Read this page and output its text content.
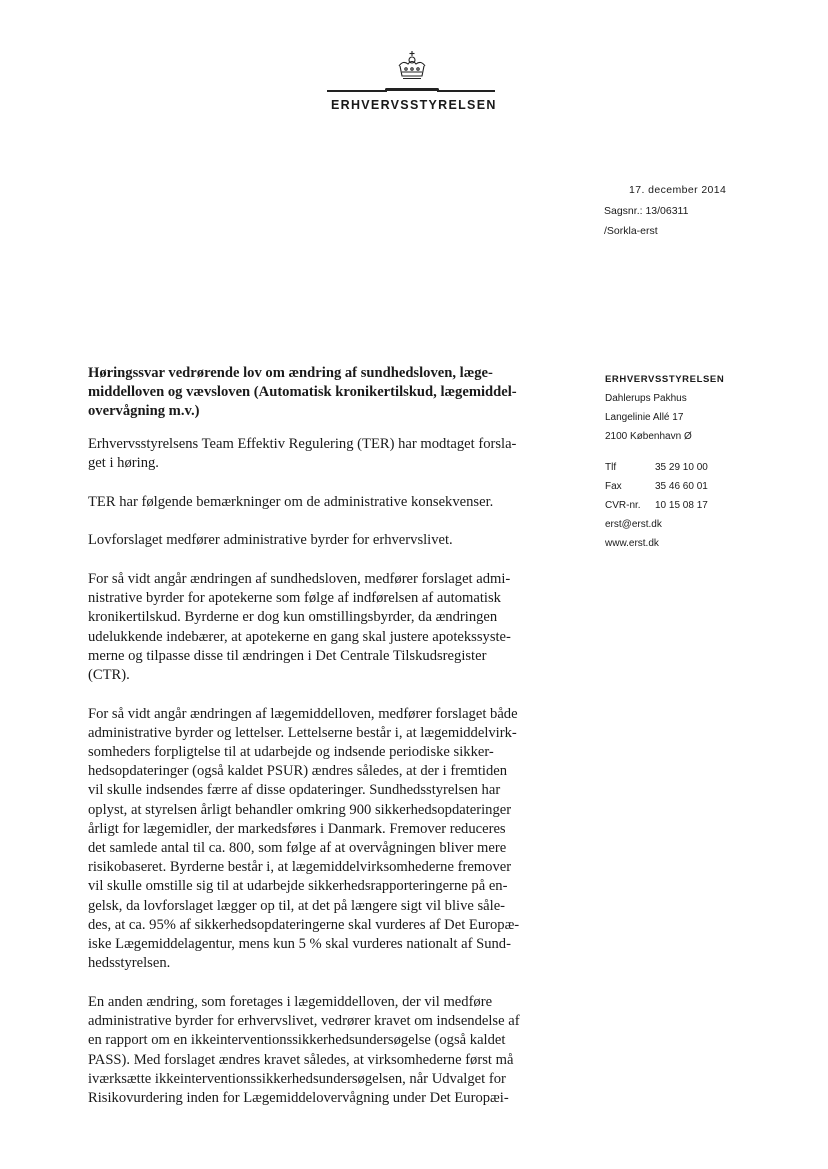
ERHVERVSSTYRELSEN
17. december 2014
Sagsnr.: 13/06311
/Sorkla-erst
ERHVERVSSTYRELSEN
Dahlerups Pakhus
Langelinie Allé 17
2100 København Ø
Tlf	35 29 10 00
Fax	35 46 60 01
CVR-nr.	10 15 08 17
erst@erst.dk
www.erst.dk

Høringssvar vedrørende lov om ændring af sundhedsloven, læge-
middelloven og vævsloven (Automatisk kronikertilskud, lægemiddel-
overvågning m.v.)

Erhvervsstyrelsens Team Effektiv Regulering (TER) har modtaget forsla-
get i høring.

TER har følgende bemærkninger om de administrative konsekvenser.

Lovforslaget medfører administrative byrder for erhvervslivet.

For så vidt angår ændringen af sundhedsloven, medfører forslaget admi-
nistrative byrder for apotekerne som følge af indførelsen af automatisk
kronikertilskud. Byrderne er dog kun omstillingsbyrder, da ændringen
udelukkende indebærer, at apotekerne en gang skal justere apotekssyste-
merne og tilpasse disse til ændringen i Det Centrale Tilskudsregister
(CTR).

For så vidt angår ændringen af lægemiddelloven, medfører forslaget både
administrative byrder og lettelser. Lettelserne består i, at lægemiddelvirk-
somheders forpligtelse til at udarbejde og indsende periodiske sikker-
hedsopdateringer (også kaldet PSUR) ændres således, at der i fremtiden
vil skulle indsendes færre af disse opdateringer. Sundhedsstyrelsen har
oplyst, at styrelsen årligt behandler omkring 900 sikkerhedsopdateringer
årligt for lægemidler, der markedsføres i Danmark. Fremover reduceres
det samlede antal til ca. 800, som følge af at overvågningen bliver mere
risikobaseret. Byrderne består i, at lægemiddelvirksomhederne fremover
vil skulle omstille sig til at udarbejde sikkerhedsrapporteringerne på en-
gelsk, da lovforslaget lægger op til, at det på længere sigt vil blive såle-
des, at ca. 95% af sikkerhedsopdateringerne skal vurderes af Det Europæ-
iske Lægemiddelagentur, mens kun 5 % skal vurderes nationalt af Sund-
hedsstyrelsen.

En anden ændring, som foretages i lægemiddelloven, der vil medføre
administrative byrder for erhvervslivet, vedrører kravet om indsendelse af
en rapport om en ikkeinterventionssikkerhedsundersøgelse (også kaldet
PASS). Med forslaget ændres kravet således, at virksomhederne først må
iværksætte ikkeinterventionssikkerhedsundersøgelsen, når Udvalget for
Risikovurdering inden for Lægemiddelovervågning under Det Europæi-
